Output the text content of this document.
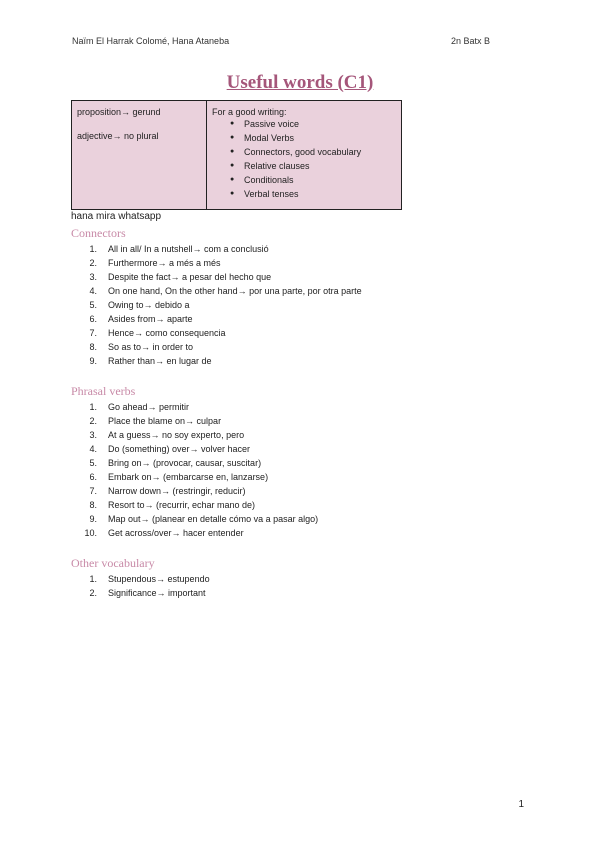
Naïm El Harrak Colomé, Hana Ataneba	2n Batx B
Useful words (C1)

proposition→ gerund

adjective→ no plural

For a good writing:
● Passive voice
● Modal Verbs
● Connectors, good vocabulary
● Relative clauses
● Conditionals
● Verbal tenses
hana mira whatsapp
Connectors
1. All in all/ In a nutshell→ com a conclusió
2. Furthermore→ a més a més
3. Despite the fact→ a pesar del hecho que
4. On one hand, On the other hand→ por una parte, por otra parte
5. Owing to→ debido a
6. Asides from→ aparte
7. Hence→ como consequencia
8. So as to→ in order to
9. Rather than→ en lugar de
Phrasal verbs
1. Go ahead→ permitir
2. Place the blame on→ culpar
3. At a guess→ no soy experto, pero
4. Do (something) over→ volver hacer
5. Bring on→ (provocar, causar, suscitar)
6. Embark on→ (embarcarse en, lanzarse)
7. Narrow down→ (restringir, reducir)
8. Resort to→ (recurrir, echar mano de)
9. Map out→ (planear en detalle cómo va a pasar algo)
10. Get across/over→ hacer entender
Other vocabulary
1. Stupendous→ estupendo
2. Significance→ important
1
